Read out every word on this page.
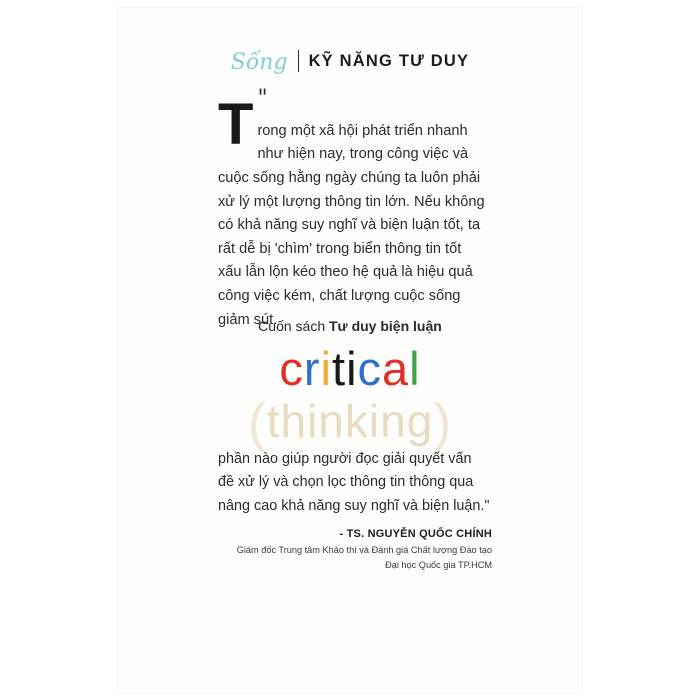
Sống KỸ NĂNG TƯ DUY
"
T rong một xã hội phát triển nhanh như hiện nay, trong công việc và cuộc sống hằng ngày chúng ta luôn phải xử lý một lượng thông tin lớn. Nếu không có khả năng suy nghĩ và biện luận tốt, ta rất dễ bị 'chìm' trong biển thông tin tốt xấu lẫn lộn kéo theo hệ quả là hiệu quả công việc kém, chất lượng cuộc sống giảm sút.
Cuốn sách Tư duy biện luận
critical
(thinking)
phần nào giúp người đọc giải quyết vấn đề xử lý và chọn lọc thông tin thông qua nâng cao khả năng suy nghĩ và biện luận."
- TS. NGUYỄN QUỐC CHÍNH
Giám đốc Trung tâm Khảo thí và Đánh giá Chất lượng Đào tạo
Đại học Quốc gia TP.HCM
